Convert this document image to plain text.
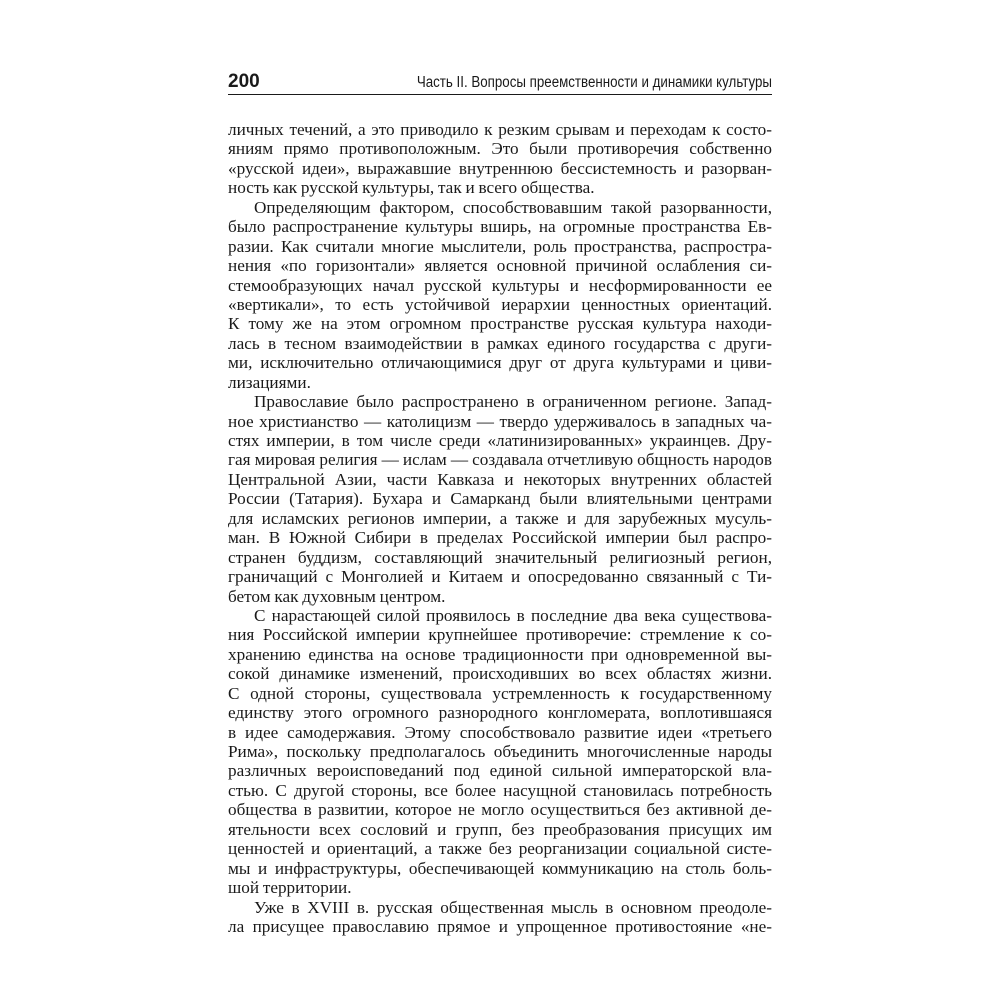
200	Часть II. Вопросы преемственности и динамики культуры
личных течений, а это приводило к резким срывам и переходам к состо-
яниям прямо противоположным. Это были противоречия собственно
«русской идеи», выражавшие внутреннюю бессистемность и разорван-
ность как русской культуры, так и всего общества.
Определяющим фактором, способствовавшим такой разорванности,
было распространение культуры вширь, на огромные пространства Ев-
разии. Как считали многие мыслители, роль пространства, распростра-
нения «по горизонтали» является основной причиной ослабления си-
стемообразующих начал русской культуры и несформированности ее
«вертикали», то есть устойчивой иерархии ценностных ориентаций.
К тому же на этом огромном пространстве русская культура находи-
лась в тесном взаимодействии в рамках единого государства с други-
ми, исключительно отличающимися друг от друга культурами и циви-
лизациями.
Православие было распространено в ограниченном регионе. Запад-
ное христианство — католицизм — твердо удерживалось в западных ча-
стях империи, в том числе среди «латинизированных» украинцев. Дру-
гая мировая религия — ислам — создавала отчетливую общность народов
Центральной Азии, части Кавказа и некоторых внутренних областей
России (Татария). Бухара и Самарканд были влиятельными центрами
для исламских регионов империи, а также и для зарубежных мусуль-
ман. В Южной Сибири в пределах Российской империи был распро-
странен буддизм, составляющий значительный религиозный регион,
граничащий с Монголией и Китаем и опосредованно связанный с Ти-
бетом как духовным центром.
С нарастающей силой проявилось в последние два века существова-
ния Российской империи крупнейшее противоречие: стремление к со-
хранению единства на основе традиционности при одновременной вы-
сокой динамике изменений, происходивших во всех областях жизни.
С одной стороны, существовала устремленность к государственному
единству этого огромного разнородного конгломерата, воплотившаяся
в идее самодержавия. Этому способствовало развитие идеи «третьего
Рима», поскольку предполагалось объединить многочисленные народы
различных вероисповеданий под единой сильной императорской вла-
стью. С другой стороны, все более насущной становилась потребность
общества в развитии, которое не могло осуществиться без активной де-
ятельности всех сословий и групп, без преобразования присущих им
ценностей и ориентаций, а также без реорганизации социальной систе-
мы и инфраструктуры, обеспечивающей коммуникацию на столь боль-
шой территории.
Уже в XVIII в. русская общественная мысль в основном преодоле-
ла присущее православию прямое и упрощенное противостояние «не-
